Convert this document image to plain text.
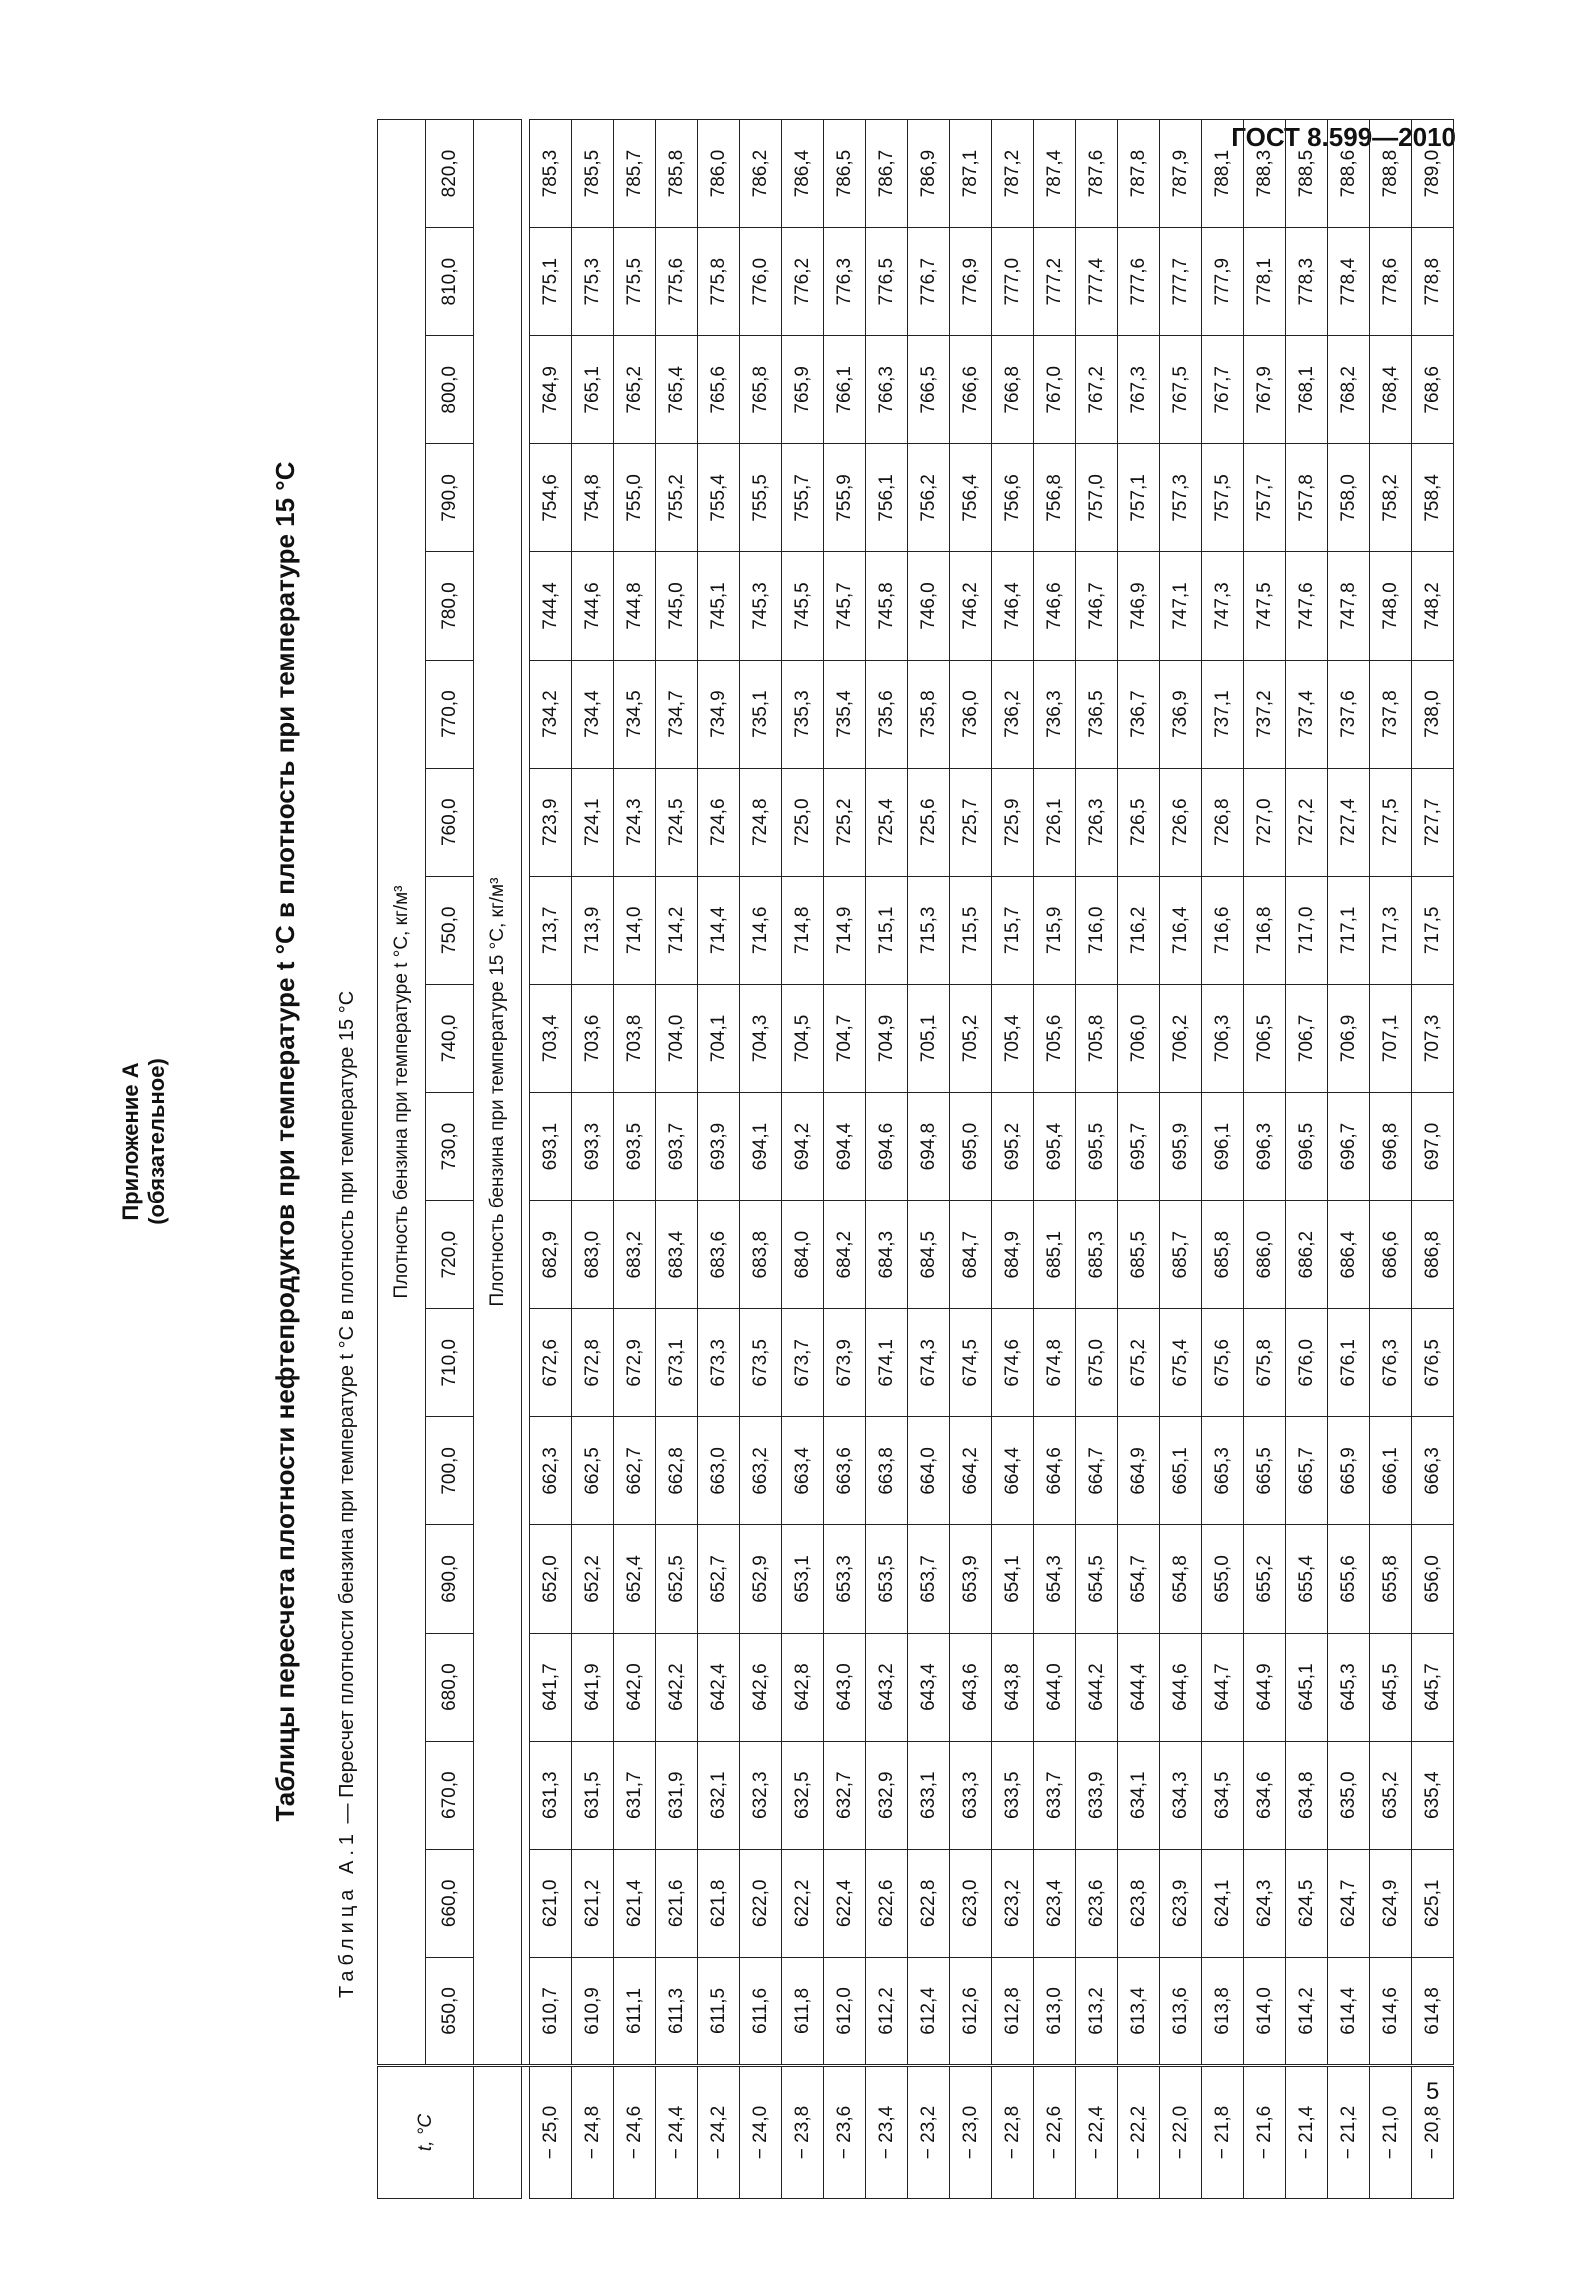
ГОСТ 8.599—2010
5
Приложение А (обязательное)	Таблицы пересчета плотности нефтепродуктов при температуре t °С в плотность при температуре 15 °С
Таблица А.1 — Пересчет плотности бензина при температуре t °С в плотность при температуре 15 °С
t, °С	Плотность бензина при температуре t °С, кг/м³																	
	650,0	660,0	670,0	680,0	690,0	700,0	710,0	720,0	730,0	740,0	750,0	760,0	770,0	780,0	790,0	800,0	810,0	820,0
	Плотность бензина при температуре 15 °С, кг/м³																	

− 25,0	610,7	621,0	631,3	641,7	652,0	662,3	672,6	682,9	693,1	703,4	713,7	723,9	734,2	744,4	754,6	764,9	775,1	785,3
− 24,8	610,9	621,2	631,5	641,9	652,2	662,5	672,8	683,0	693,3	703,6	713,9	724,1	734,4	744,6	754,8	765,1	775,3	785,5
− 24,6	611,1	621,4	631,7	642,0	652,4	662,7	672,9	683,2	693,5	703,8	714,0	724,3	734,5	744,8	755,0	765,2	775,5	785,7
− 24,4	611,3	621,6	631,9	642,2	652,5	662,8	673,1	683,4	693,7	704,0	714,2	724,5	734,7	745,0	755,2	765,4	775,6	785,8
− 24,2	611,5	621,8	632,1	642,4	652,7	663,0	673,3	683,6	693,9	704,1	714,4	724,6	734,9	745,1	755,4	765,6	775,8	786,0
− 24,0	611,6	622,0	632,3	642,6	652,9	663,2	673,5	683,8	694,1	704,3	714,6	724,8	735,1	745,3	755,5	765,8	776,0	786,2
− 23,8	611,8	622,2	632,5	642,8	653,1	663,4	673,7	684,0	694,2	704,5	714,8	725,0	735,3	745,5	755,7	765,9	776,2	786,4
− 23,6	612,0	622,4	632,7	643,0	653,3	663,6	673,9	684,2	694,4	704,7	714,9	725,2	735,4	745,7	755,9	766,1	776,3	786,5
− 23,4	612,2	622,6	632,9	643,2	653,5	663,8	674,1	684,3	694,6	704,9	715,1	725,4	735,6	745,8	756,1	766,3	776,5	786,7
− 23,2	612,4	622,8	633,1	643,4	653,7	664,0	674,3	684,5	694,8	705,1	715,3	725,6	735,8	746,0	756,2	766,5	776,7	786,9
− 23,0	612,6	623,0	633,3	643,6	653,9	664,2	674,5	684,7	695,0	705,2	715,5	725,7	736,0	746,2	756,4	766,6	776,9	787,1
− 22,8	612,8	623,2	633,5	643,8	654,1	664,4	674,6	684,9	695,2	705,4	715,7	725,9	736,2	746,4	756,6	766,8	777,0	787,2
− 22,6	613,0	623,4	633,7	644,0	654,3	664,6	674,8	685,1	695,4	705,6	715,9	726,1	736,3	746,6	756,8	767,0	777,2	787,4
− 22,4	613,2	623,6	633,9	644,2	654,5	664,7	675,0	685,3	695,5	705,8	716,0	726,3	736,5	746,7	757,0	767,2	777,4	787,6
− 22,2	613,4	623,8	634,1	644,4	654,7	664,9	675,2	685,5	695,7	706,0	716,2	726,5	736,7	746,9	757,1	767,3	777,6	787,8
− 22,0	613,6	623,9	634,3	644,6	654,8	665,1	675,4	685,7	695,9	706,2	716,4	726,6	736,9	747,1	757,3	767,5	777,7	787,9
− 21,8	613,8	624,1	634,5	644,7	655,0	665,3	675,6	685,8	696,1	706,3	716,6	726,8	737,1	747,3	757,5	767,7	777,9	788,1
− 21,6	614,0	624,3	634,6	644,9	655,2	665,5	675,8	686,0	696,3	706,5	716,8	727,0	737,2	747,5	757,7	767,9	778,1	788,3
− 21,4	614,2	624,5	634,8	645,1	655,4	665,7	676,0	686,2	696,5	706,7	717,0	727,2	737,4	747,6	757,8	768,1	778,3	788,5
− 21,2	614,4	624,7	635,0	645,3	655,6	665,9	676,1	686,4	696,7	706,9	717,1	727,4	737,6	747,8	758,0	768,2	778,4	788,6
− 21,0	614,6	624,9	635,2	645,5	655,8	666,1	676,3	686,6	696,8	707,1	717,3	727,5	737,8	748,0	758,2	768,4	778,6	788,8
− 20,8	614,8	625,1	635,4	645,7	656,0	666,3	676,5	686,8	697,0	707,3	717,5	727,7	738,0	748,2	758,4	768,6	778,8	789,0
